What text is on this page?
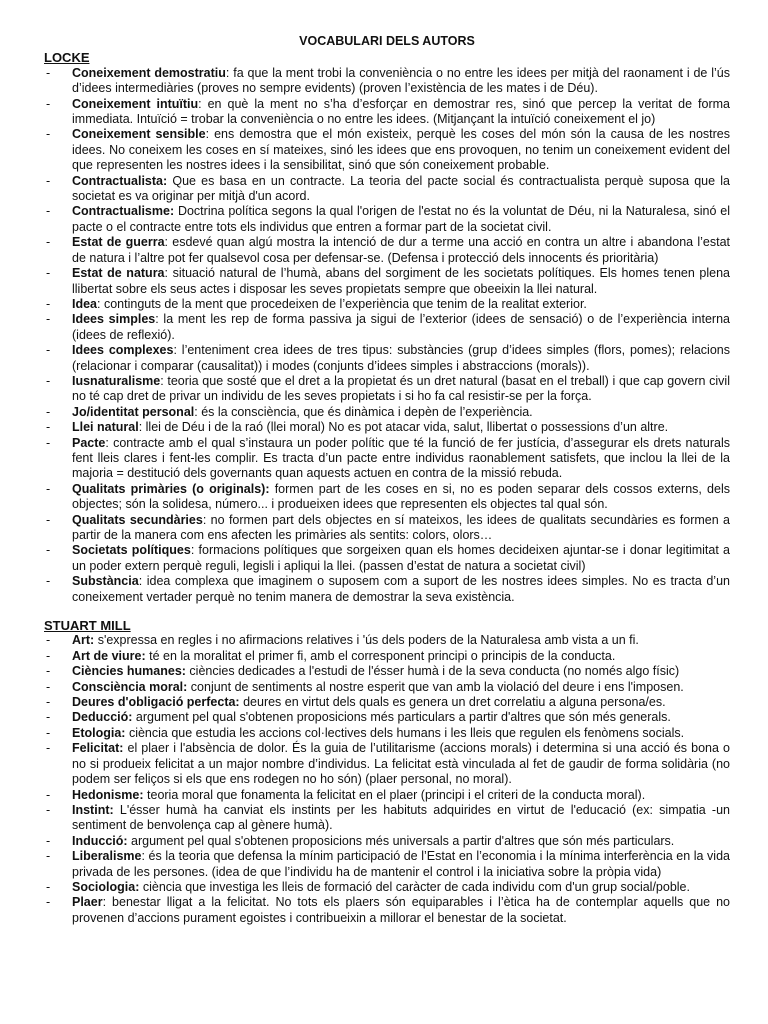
VOCABULARI DELS AUTORS
LOCKE
- Coneixement demostratiu: fa que la ment trobi la conveniència o no entre les idees per mitjà del raonament i de l’ús d’idees intermediàries (proves no sempre evidents) (proven l’existència de les mates i de Déu).
- Coneixement intuïtiu: en què la ment no s’ha d’esforçar en demostrar res, sinó que percep la veritat de forma immediata. Intuïció = trobar la conveniència o no entre les idees. (Mitjançant la intuïció coneixement el jo)
- Coneixement sensible: ens demostra que el món existeix, perquè les coses del món són la causa de les nostres idees. No coneixem les coses en sí mateixes, sinó les idees que ens provoquen, no tenim un coneixement evident del que representen les nostres idees i la sensibilitat, sinó que són coneixement probable.
- Contractualista: Que es basa en un contracte. La teoria del pacte social és contractualista perquè suposa que la societat es va originar per mitjà d'un acord.
- Contractualisme: Doctrina política segons la qual l'origen de l'estat no és la voluntat de Déu, ni la Naturalesa, sinó el pacte o el contracte entre tots els individus que entren a formar part de la societat civil.
- Estat de guerra: esdevé quan algú mostra la intenció de dur a terme una acció en contra un altre i abandona l’estat de natura i l’altre pot fer qualsevol cosa per defensar-se. (Defensa i protecció dels innocents és prioritària)
- Estat de natura: situació natural de l’humà, abans del sorgiment de les societats polítiques. Els homes tenen plena llibertat sobre els seus actes i disposar les seves propietats sempre que obeeixin la llei natural.
- Idea: continguts de la ment que procedeixen de l’experiència que tenim de la realitat exterior.
- Idees simples: la ment les rep de forma passiva ja sigui de l’exterior (idees de sensació) o de l’experiència interna (idees de reflexió).
- Idees complexes: l’enteniment crea idees de tres tipus: substàncies (grup d’idees simples (flors, pomes); relacions (relacionar i comparar (causalitat)) i modes (conjunts d’idees simples i abstraccions (morals)).
- Iusnaturalisme: teoria que sosté que el dret a la propietat és un dret natural (basat en el treball) i que cap govern civil no té cap dret de privar un individu de les seves propietats i si ho fa cal resistir-se per la força.
- Jo/identitat personal: és la consciència, que és dinàmica i depèn de l’experiència.
- Llei natural: llei de Déu i de la raó (llei moral) No es pot atacar vida, salut, llibertat o possessions d’un altre.
- Pacte: contracte amb el qual s’instaura un poder polític que té la funció de fer justícia, d’assegurar els drets naturals fent lleis clares i fent-les complir. Es tracta d’un pacte entre individus raonablement satisfets, que inclou la llei de la majoria = destitució dels governants quan aquests actuen en contra de la missió rebuda.
- Qualitats primàries (o originals): formen part de les coses en si, no es poden separar dels cossos externs, dels objectes; són la solidesa, número... i produeixen idees que representen els objectes tal qual són.
- Qualitats secundàries: no formen part dels objectes en sí mateixos, les idees de qualitats secundàries es formen a partir de la manera com ens afecten les primàries als sentits: colors, olors…
- Societats polítiques: formacions polítiques que sorgeixen quan els homes decideixen ajuntar-se i donar legitimitat a un poder extern perquè reguli, legisli i apliqui la llei. (passen d’estat de natura a societat civil)
- Substància: idea complexa que imaginem o suposem com a suport de les nostres idees simples. No es tracta d’un coneixement vertader perquè no tenim manera de demostrar la seva existència.
STUART MILL
- Art: s'expressa en regles i no afirmacions relatives i 'ús dels poders de la Naturalesa amb vista a un fi.
- Art de viure: té en la moralitat el primer fi, amb el corresponent principi o principis de la conducta.
- Ciències humanes: ciències dedicades a l'estudi de l'ésser humà i de la seva conducta (no només algo físic)
- Consciència moral: conjunt de sentiments al nostre esperit que van amb la violació del deure i ens l'imposen.
- Deures d'obligació perfecta: deures en virtut dels quals es genera un dret correlatiu a alguna persona/es.
- Deducció: argument pel qual s'obtenen proposicions més particulars a partir d'altres que són més generals.
- Etologia: ciència que estudia les accions col·lectives dels humans i les lleis que regulen els fenòmens socials.
- Felicitat: el plaer i l'absència de dolor. És la guia de l’utilitarisme (accions morals) i determina si una acció és bona o no si produeix felicitat a un major nombre d’individus. La felicitat està vinculada al fet de gaudir de forma solidària (no podem ser feliços si els que ens rodegen no ho són) (plaer personal, no moral).
- Hedonisme: teoria moral que fonamenta la felicitat en el plaer (principi i el criteri de la conducta moral).
- Instint: L'ésser humà ha canviat els instints per les habituts adquirides en virtut de l'educació (ex: simpatia -un sentiment de benvolença cap al gènere humà).
- Inducció: argument pel qual s'obtenen proposicions més universals a partir d'altres que són més particulars.
- Liberalisme: és la teoria que defensa la mínim participació de l’Estat en l’economia i la mínima interferència en la vida privada de les persones. (idea de que l’individu ha de mantenir el control i la iniciativa sobre la pròpia vida)
- Sociologia: ciència que investiga les lleis de formació del caràcter de cada individu com d'un grup social/poble.
- Plaer: benestar lligat a la felicitat. No tots els plaers són equiparables i l’ètica ha de contemplar aquells que no provenen d’accions purament egoistes i contribueixin a millorar el benestar de la societat.
